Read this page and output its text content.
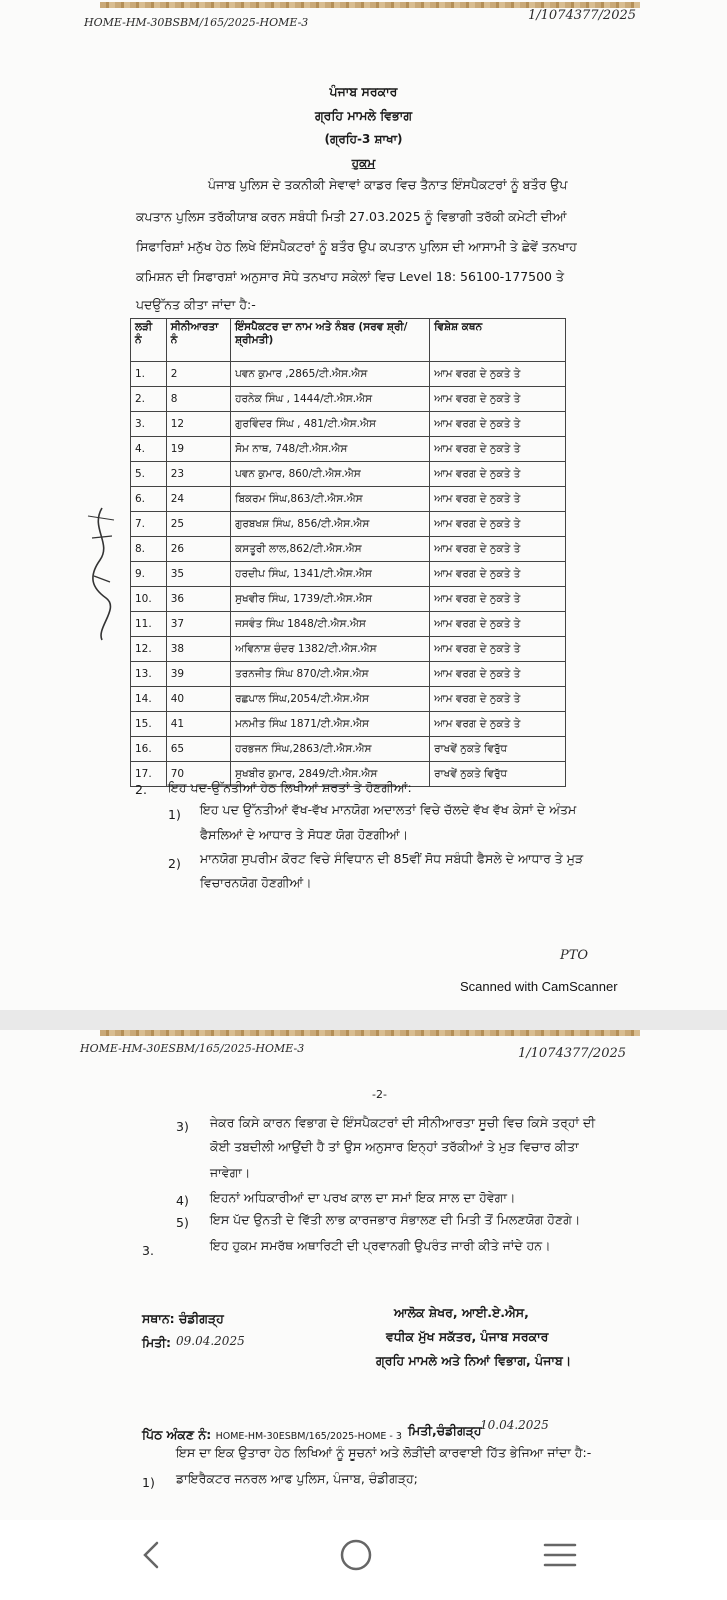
HOME-HM-30BSBM/165/2025-HOME-3	1/1074377/2025
ਪੰਜਾਬ ਸਰਕਾਰ
ਗ੍ਰਹਿ ਮਾਮਲੇ ਵਿਭਾਗ
(ਗ੍ਰਹਿ-3 ਸ਼ਾਖਾ)
ਹੁਕਮ
ਪੰਜਾਬ ਪੁਲਿਸ ਦੇ ਤਕਨੀਕੀ ਸੇਵਾਵਾਂ ਕਾਡਰ ਵਿਚ ਤੈਨਾਤ ਇੰਸਪੈਕਟਰਾਂ ਨੂੰ ਬਤੌਰ ਉਪ
ਕਪਤਾਨ ਪੁਲਿਸ ਤਰੱਕੀਯਾਬ ਕਰਨ ਸਬੰਧੀ ਮਿਤੀ 27.03.2025 ਨੂੰ ਵਿਭਾਗੀ ਤਰੱਕੀ ਕਮੇਟੀ ਦੀਆਂ
ਸਿਫਾਰਿਸ਼ਾਂ ਮਨੁੱਖ ਹੇਠ ਲਿਖੇ ਇੰਸਪੈਕਟਰਾਂ ਨੂੰ ਬਤੌਰ ਉਪ ਕਪਤਾਨ ਪੁਲਿਸ ਦੀ ਆਸਾਮੀ ਤੇ ਛੇਵੇਂ ਤਨਖਾਹ
ਕਮਿਸ਼ਨ ਦੀ ਸਿਫਾਰਸ਼ਾਂ ਅਨੁਸਾਰ ਸੋਧੇ ਤਨਖਾਹ ਸਕੇਲਾਂ ਵਿਚ Level 18: 56100-177500 ਤੇ
ਪਦਉੱਨਤ ਕੀਤਾ ਜਾਂਦਾ ਹੈ:-
ਲੜੀ ਨੰ	ਸੀਨੀਆਰਤਾ ਨੰ	ਇੰਸਪੈਕਟਰ ਦਾ ਨਾਮ ਅਤੇ ਨੰਬਰ (ਸਰਵ ਸ਼੍ਰੀ/ਸ਼੍ਰੀਮਤੀ)	ਵਿਸ਼ੇਸ਼ ਕਥਨ
1.	2	ਪਵਨ ਕੁਮਾਰ ,2865/ਟੀ.ਐਸ.ਐਸ	ਆਮ ਵਰਗ ਦੇ ਨੁਕਤੇ ਤੇ
2.	8	ਹਰਨੇਕ ਸਿੰਘ , 1444/ਟੀ.ਐਸ.ਐਸ	ਆਮ ਵਰਗ ਦੇ ਨੁਕਤੇ ਤੇ
3.	12	ਗੁਰਵਿੰਦਰ ਸਿੰਘ , 481/ਟੀ.ਐਸ.ਐਸ	ਆਮ ਵਰਗ ਦੇ ਨੁਕਤੇ ਤੇ
4.	19	ਸੋਮ ਨਾਥ, 748/ਟੀ.ਐਸ.ਐਸ	ਆਮ ਵਰਗ ਦੇ ਨੁਕਤੇ ਤੇ
5.	23	ਪਵਨ ਕੁਮਾਰ, 860/ਟੀ.ਐਸ.ਐਸ	ਆਮ ਵਰਗ ਦੇ ਨੁਕਤੇ ਤੇ
6.	24	ਬਿਕਰਮ ਸਿੰਘ,863/ਟੀ.ਐਸ.ਐਸ	ਆਮ ਵਰਗ ਦੇ ਨੁਕਤੇ ਤੇ
7.	25	ਗੁਰਬਖਸ਼ ਸਿੰਘ, 856/ਟੀ.ਐਸ.ਐਸ	ਆਮ ਵਰਗ ਦੇ ਨੁਕਤੇ ਤੇ
8.	26	ਕਸਤੂਰੀ ਲਾਲ,862/ਟੀ.ਐਸ.ਐਸ	ਆਮ ਵਰਗ ਦੇ ਨੁਕਤੇ ਤੇ
9.	35	ਹਰਦੀਪ ਸਿੰਘ, 1341/ਟੀ.ਐਸ.ਐਸ	ਆਮ ਵਰਗ ਦੇ ਨੁਕਤੇ ਤੇ
10.	36	ਸੁਖਵੀਰ ਸਿੰਘ, 1739/ਟੀ.ਐਸ.ਐਸ	ਆਮ ਵਰਗ ਦੇ ਨੁਕਤੇ ਤੇ
11.	37	ਜਸਵੰਤ ਸਿੰਘ 1848/ਟੀ.ਐਸ.ਐਸ	ਆਮ ਵਰਗ ਦੇ ਨੁਕਤੇ ਤੇ
12.	38	ਅਵਿਨਾਸ਼ ਚੰਦਰ 1382/ਟੀ.ਐਸ.ਐਸ	ਆਮ ਵਰਗ ਦੇ ਨੁਕਤੇ ਤੇ
13.	39	ਤਰਨਜੀਤ ਸਿੰਘ 870/ਟੀ.ਐਸ.ਐਸ	ਆਮ ਵਰਗ ਦੇ ਨੁਕਤੇ ਤੇ
14.	40	ਰਛਪਾਲ ਸਿੰਘ,2054/ਟੀ.ਐਸ.ਐਸ	ਆਮ ਵਰਗ ਦੇ ਨੁਕਤੇ ਤੇ
15.	41	ਮਨਮੀਤ ਸਿੰਘ 1871/ਟੀ.ਐਸ.ਐਸ	ਆਮ ਵਰਗ ਦੇ ਨੁਕਤੇ ਤੇ
16.	65	ਹਰਭਜਨ ਸਿੰਘ,2863/ਟੀ.ਐਸ.ਐਸ	ਰਾਖਵੇਂ ਨੁਕਤੇ ਵਿਰੁੱਧ
17.	70	ਸੁਖਬੀਰ ਕੁਮਾਰ, 2849/ਟੀ.ਐਸ.ਐਸ	ਰਾਖਵੇਂ ਨੁਕਤੇ ਵਿਰੁੱਧ
2. ਇਹ ਪਦ-ਉੱਨਤੀਆਂ ਹੇਠ ਲਿਖੀਆਂ ਸ਼ਰਤਾਂ ਤੇ ਹੋਣਗੀਆਂ:
1) ਇਹ ਪਦ ਉੱਨਤੀਆਂ ਵੱਖ-ਵੱਖ ਮਾਨਯੋਗ ਅਦਾਲਤਾਂ ਵਿਚੇ ਚੱਲਦੇ ਵੱਖ ਵੱਖ ਕੇਸਾਂ ਦੇ ਅੰਤਮ
ਫੈਸਲਿਆਂ ਦੇ ਆਧਾਰ ਤੇ ਸੋਧਣ ਯੋਗ ਹੋਣਗੀਆਂ।
2) ਮਾਨਯੋਗ ਸੁਪਰੀਮ ਕੋਰਟ ਵਿਚੇ ਸੰਵਿਧਾਨ ਦੀ 85ਵੀਂ ਸੋਧ ਸਬੰਧੀ ਫੈਸਲੇ ਦੇ ਆਧਾਰ ਤੇ ਮੁੜ
ਵਿਚਾਰਨਯੋਗ ਹੋਣਗੀਆਂ।
PTO
Scanned with CamScanner
HOME-HM-30ESBM/165/2025-HOME-3	1/1074377/2025
-2-
3) ਜੇਕਰ ਕਿਸੇ ਕਾਰਨ ਵਿਭਾਗ ਦੇ ਇੰਸਪੈਕਟਰਾਂ ਦੀ ਸੀਨੀਆਰਤਾ ਸੂਚੀ ਵਿਚ ਕਿਸੇ ਤਰ੍ਹਾਂ ਦੀ
ਕੋਈ ਤਬਦੀਲੀ ਆਉਂਦੀ ਹੈ ਤਾਂ ਉਸ ਅਨੁਸਾਰ ਇਨ੍ਹਾਂ ਤਰੱਕੀਆਂ ਤੇ ਮੁੜ ਵਿਚਾਰ ਕੀਤਾ
ਜਾਵੇਗਾ।
4) ਇਹਨਾਂ ਅਧਿਕਾਰੀਆਂ ਦਾ ਪਰਖ ਕਾਲ ਦਾ ਸਮਾਂ ਇਕ ਸਾਲ ਦਾ ਹੋਵੇਗਾ।
5) ਇਸ ਪੱਦ ਉਨਤੀ ਦੇ ਵਿੱਤੀ ਲਾਭ ਕਾਰਜਭਾਰ ਸੰਭਾਲਣ ਦੀ ਮਿਤੀ ਤੋਂ ਮਿਲਣਯੋਗ ਹੋਣਗੇ।
3.	ਇਹ ਹੁਕਮ ਸਮਰੱਥ ਅਥਾਰਿਟੀ ਦੀ ਪ੍ਰਵਾਨਗੀ ਉਪਰੰਤ ਜਾਰੀ ਕੀਤੇ ਜਾਂਦੇ ਹਨ।
ਸਥਾਨ: ਚੰਡੀਗੜ੍ਹ
ਮਿਤੀ: 09.04.2025
ਆਲੋਕ ਸ਼ੇਖਰ, ਆਈ.ਏ.ਐਸ,
ਵਧੀਕ ਮੁੱਖ ਸਕੱਤਰ, ਪੰਜਾਬ ਸਰਕਾਰ
ਗ੍ਰਹਿ ਮਾਮਲੇ ਅਤੇ ਨਿਆਂ ਵਿਭਾਗ, ਪੰਜਾਬ।
ਪਿੱਠ ਅੰਕਣ ਨੰ: HOME-HM-30ESBM/165/2025-HOME - 3 ਮਿਤੀ,ਚੰਡੀਗੜ੍ਹ
10.04.2025
ਇਸ ਦਾ ਇਕ ਉਤਾਰਾ ਹੇਠ ਲਿਖਿਆਂ ਨੂੰ ਸੂਚਨਾਂ ਅਤੇ ਲੋੜੀਂਦੀ ਕਾਰਵਾਈ ਹਿੱਤ ਭੇਜਿਆ ਜਾਂਦਾ ਹੈ:-
1) ਡਾਇਰੈਕਟਰ ਜਨਰਲ ਆਫ ਪੁਲਿਸ, ਪੰਜਾਬ, ਚੰਡੀਗੜ੍ਹ;
